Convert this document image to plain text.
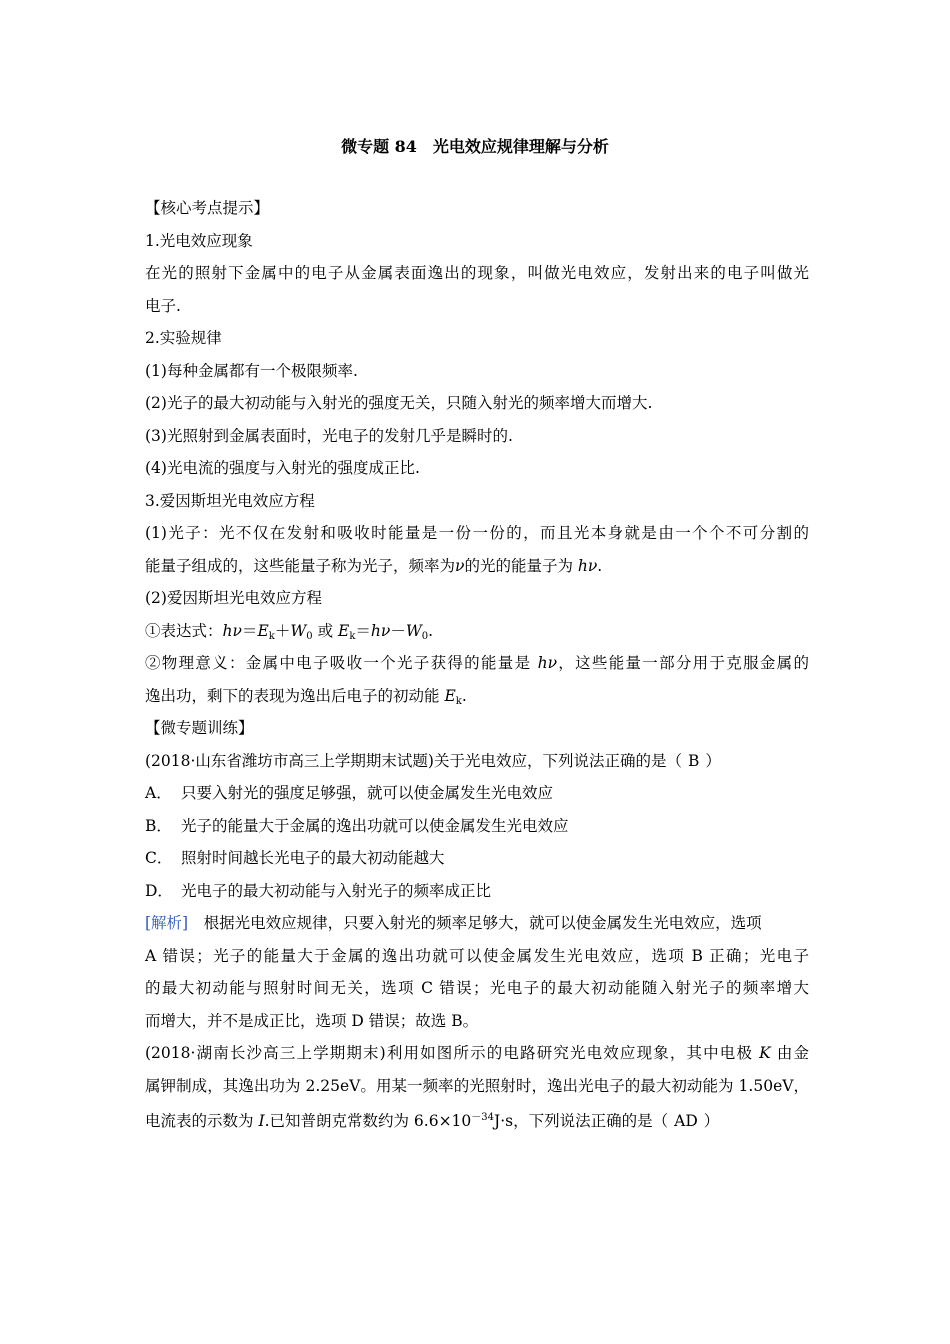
微专题 84　光电效应规律理解与分析
【核心考点提示】
1.光电效应现象
在光的照射下金属中的电子从金属表面逸出的现象，叫做光电效应，发射出来的电子叫做光
电子.
2.实验规律
(1)每种金属都有一个极限频率.
(2)光子的最大初动能与入射光的强度无关，只随入射光的频率增大而增大.
(3)光照射到金属表面时，光电子的发射几乎是瞬时的.
(4)光电流的强度与入射光的强度成正比.
3.爱因斯坦光电效应方程
(1)光子：光不仅在发射和吸收时能量是一份一份的，而且光本身就是由一个个不可分割的
能量子组成的，这些能量子称为光子，频率为ν的光的能量子为 hν.
(2)爱因斯坦光电效应方程
①表达式：$h\nu=E_k+W_0$ 或 $E_k=h\nu-W_0$.
②物理意义：金属中电子吸收一个光子获得的能量是 hν，这些能量一部分用于克服金属的
逸出功，剩下的表现为逸出后电子的初动能 $E_k$.
【微专题训练】
(2018·山东省潍坊市高三上学期期末试题)关于光电效应，下列说法正确的是（ B ）
A． 只要入射光的强度足够强，就可以使金属发生光电效应
B． 光子的能量大于金属的逸出功就可以使金属发生光电效应
C． 照射时间越长光电子的最大初动能越大
D． 光电子的最大初动能与入射光子的频率成正比
[解析]　根据光电效应规律，只要入射光的频率足够大，就可以使金属发生光电效应，选项
A 错误；光子的能量大于金属的逸出功就可以使金属发生光电效应，选项 B 正确；光电子
的最大初动能与照射时间无关，选项 C 错误；光电子的最大初动能随入射光子的频率增大
而增大，并不是成正比，选项 D 错误；故选 B。
(2018·湖南长沙高三上学期期末)利用如图所示的电路研究光电效应现象，其中电极 K 由金
属钾制成，其逸出功为 2.25eV。用某一频率的光照射时，逸出光电子的最大初动能为 1.50eV，
电流表的示数为 I.已知普朗克常数约为 $6.6\times 10^{-34}J\cdot s$，下列说法正确的是（ AD ）
